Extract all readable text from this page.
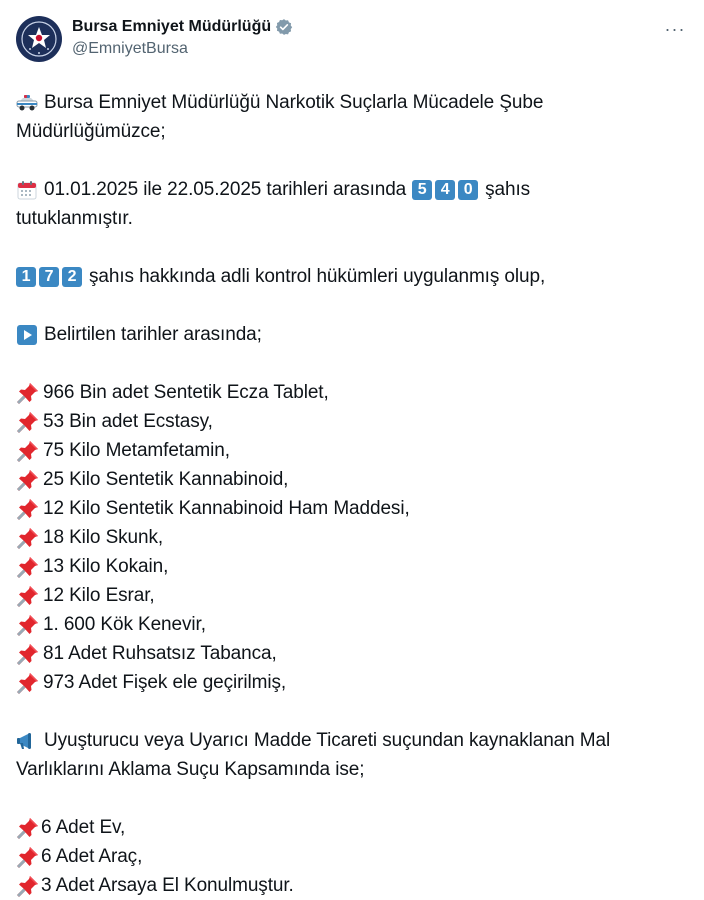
Bursa Emniyet Müdürlüğü
@EmniyetBursa
···
Bursa Emniyet Müdürlüğü Narkotik Suçlarla Mücadele Şube
Müdürlüğümüzce;
01.01.2025 ile 22.05.2025 tarihleri arasında 5 4 0 şahıs
tutuklanmıştır.
1 7 2 şahıs hakkında adli kontrol hükümleri uygulanmış olup,
Belirtilen tarihler arasında;
966 Bin adet Sentetik Ecza Tablet,
53 Bin adet Ecstasy,
75 Kilo Metamfetamin,
25 Kilo Sentetik Kannabinoid,
12 Kilo Sentetik Kannabinoid Ham Maddesi,
18 Kilo Skunk,
13 Kilo Kokain,
12 Kilo Esrar,
1. 600 Kök Kenevir,
81 Adet Ruhsatsız Tabanca,
973 Adet Fişek ele geçirilmiş,
Uyuşturucu veya Uyarıcı Madde Ticareti suçundan kaynaklanan Mal
Varlıklarını Aklama Suçu Kapsamında ise;
6 Adet Ev,
6 Adet Araç,
3 Adet Arsaya El Konulmuştur.
